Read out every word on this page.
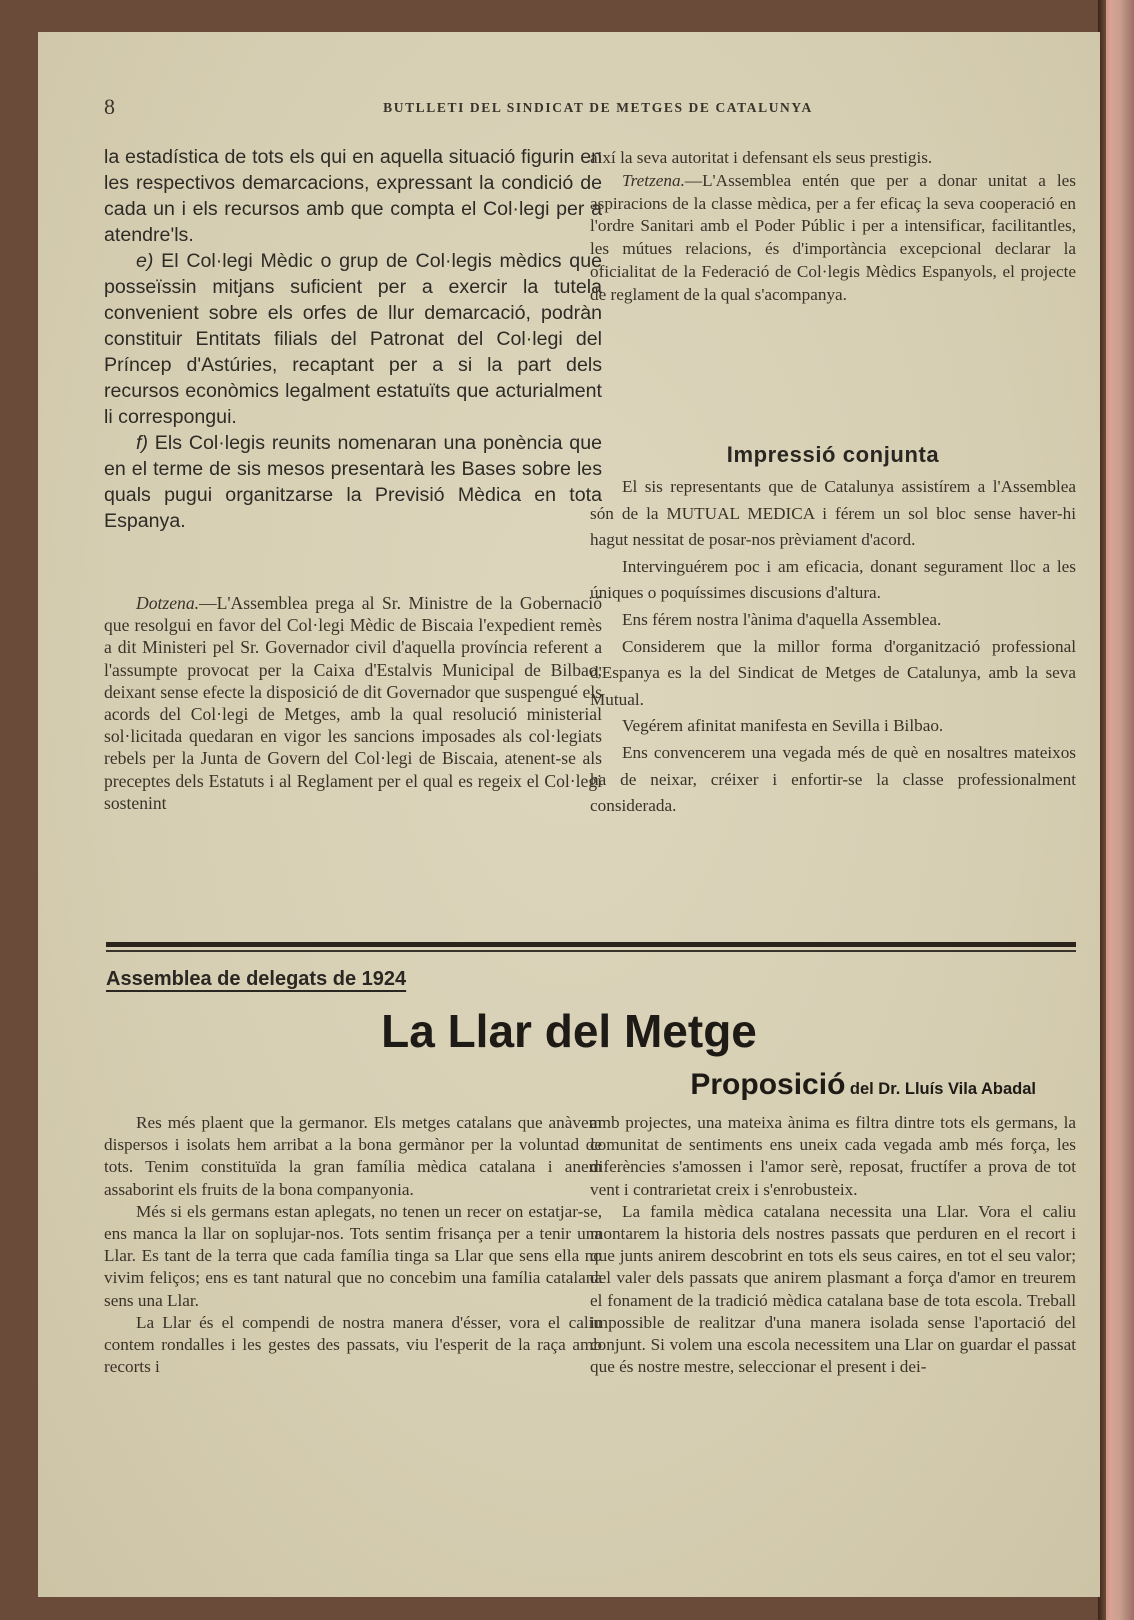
8	BUTLLETI DEL SINDICAT DE METGES DE CATALUNYA

la estadística de tots els qui en aquella situació figurin en les respectivos demarcacions, expressant la condició de cada un i els recursos amb que compta el Col·legi per a atendre'ls.

e) El Col·legi Mèdic o grup de Col·legis mèdics que posseïssin mitjans suficient per a exercir la tutela convenient sobre els orfes de llur demarcació, podràn constituir Entitats filials del Patronat del Col·legi del Príncep d'Astúries, recaptant per a si la part dels recursos econòmics legalment estatuïts que acturialment li correspongui.

f) Els Col·legis reunits nomenaran una ponència que en el terme de sis mesos presentarà les Bases sobre les quals pugui organitzarse la Previsió Mèdica en tota Espanya.

Dotzena.—L'Assemblea prega al Sr. Ministre de la Gobernació que resolgui en favor del Col·legi Mèdic de Biscaia l'expedient remès a dit Ministeri pel Sr. Governador civil d'aquella província referent a l'assumpte provocat per la Caixa d'Estalvis Municipal de Bilbao, deixant sense efecte la disposició de dit Governador que suspengué els acords del Col·legi de Metges, amb la qual resolució ministerial sol·licitada quedaran en vigor les sancions imposades als col·legiats rebels per la Junta de Govern del Col·legi de Biscaia, atenent-se als preceptes dels Estatuts i al Reglament per el qual es regeix el Col·legi sostenint

així la seva autoritat i defensant els seus prestigis.

Tretzena.—L'Assemblea entén que per a donar unitat a les aspiracions de la classe mèdica, per a fer eficaç la seva cooperació en l'ordre Sanitari amb el Poder Públic i per a intensificar, facilitantles, les mútues relacions, és d'importància excepcional declarar la oficialitat de la Federació de Col·legis Mèdics Espanyols, el projecte de reglament de la qual s'acompanya.

Impressió conjunta

El sis representants que de Catalunya assistírem a l'Assemblea són de la MUTUAL MEDICA i férem un sol bloc sense haver-hi hagut nessitat de posar-nos prèviament d'acord.

Intervinguérem poc i am eficacia, donant segurament lloc a les úniques o poquíssimes discusions d'altura.

Ens férem nostra l'ànima d'aquella Assemblea.

Considerem que la millor forma d'organització professional d'Espanya es la del Sindicat de Metges de Catalunya, amb la seva Mutual.

Vegérem afinitat manifesta en Sevilla i Bilbao.

Ens convencerem una vegada més de què en nosaltres mateixos ha de neixar, créixer i enfortir-se la classe professionalment considerada.

Assemblea de delegats de 1924
La Llar del Metge
Proposició del Dr. Lluís Vila Abadal

Res més plaent que la germanor. Els metges catalans que anàvem dispersos i isolats hem arribat a la bona germànor per la voluntad de tots. Tenim constituïda la gran família mèdica catalana i anem assaborint els fruits de la bona companyonia.

Més si els germans estan aplegats, no tenen un recer on estatjar-se, ens manca la llar on soplujar-nos. Tots sentim frisança per a tenir una Llar. Es tant de la terra que cada família tinga sa Llar que sens ella no vivim feliços; ens es tant natural que no concebim una família catalana sens una Llar.

La Llar és el compendi de nostra manera d'ésser, vora el caliu contem rondalles i les gestes des passats, viu l'esperit de la raça amb recorts i

amb projectes, una mateixa ànima es filtra dintre tots els germans, la comunitat de sentiments ens uneix cada vegada amb més força, les diferències s'amossen i l'amor serè, reposat, fructífer a prova de tot vent i contrarietat creix i s'enrobusteix.

La famila mèdica catalana necessita una Llar. Vora el caliu montarem la historia dels nostres passats que perduren en el recort i que junts anirem descobrint en tots els seus caires, en tot el seu valor; del valer dels passats que anirem plasmant a força d'amor en treurem el fonament de la tradició mèdica catalana base de tota escola. Treball impossible de realitzar d'una manera isolada sense l'aportació del conjunt. Si volem una escola necessitem una Llar on guardar el passat que és nostre mestre, seleccionar el present i dei-
